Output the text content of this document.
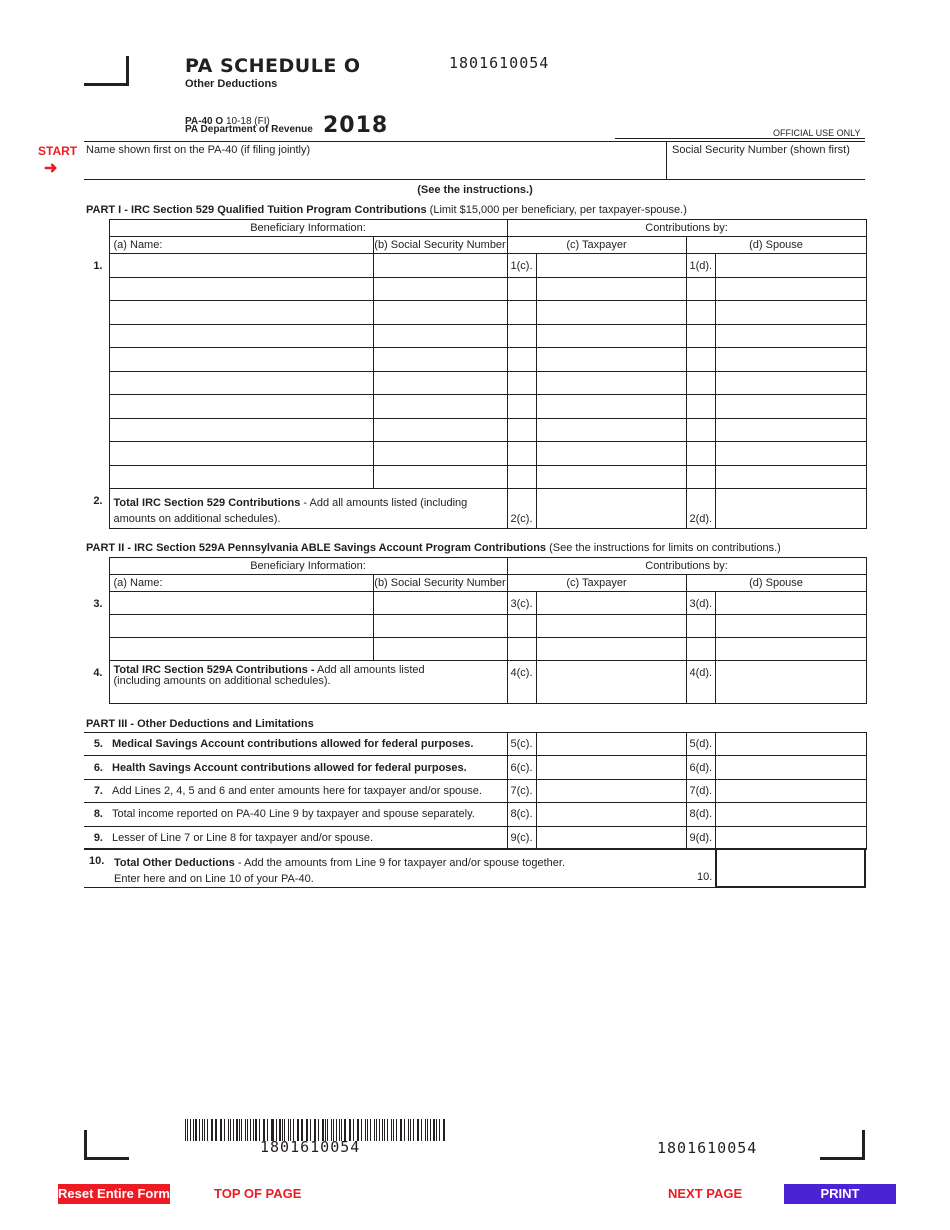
PA SCHEDULE O
Other Deductions
1801610054
PA-40 O 10-18 (FI)
PA Department of Revenue 2018	OFFICIAL USE ONLY
START
➜
Name shown first on the PA-40 (if filing jointly)	Social Security Number (shown first)
(See the instructions.)
PART I - IRC Section 529 Qualified Tuition Program Contributions (Limit $15,000 per beneficiary, per taxpayer-spouse.)
	Beneficiary Information:		Contributions by:			
	(a) Name:	(b) Social Security Number	(c) Taxpayer		(d) Spouse	
1.			1(c).		1(d).	

2.	Total IRC Section 529 Contributions - Add all amounts listed (including
amounts on additional schedules).		2(c).		2(d).	
PART II - IRC Section 529A Pennsylvania ABLE Savings Account Program Contributions (See the instructions for limits on contributions.)
	Beneficiary Information:		Contributions by:			
	(a) Name:	(b) Social Security Number	(c) Taxpayer		(d) Spouse	
3.			3(c).		3(d).	

4.	Total IRC Section 529A Contributions - Add all amounts listed
(including amounts on additional schedules).		4(c).		4(d).	
PART III - Other Deductions and Limitations
5.	Medical Savings Account contributions allowed for federal purposes.	5(c).		5(d).	
6.	Health Savings Account contributions allowed for federal purposes.	6(c).		6(d).	
7.	Add Lines 2, 4, 5 and 6 and enter amounts here for taxpayer and/or spouse.	7(c).		7(d).	
8.	Total income reported on PA-40 Line 9 by taxpayer and spouse separately.	8(c).		8(d).	
9.	Lesser of Line 7 or Line 8 for taxpayer and/or spouse.	9(c).		9(d).	
10. Total Other Deductions - Add the amounts from Line 9 for taxpayer and/or spouse together.
Enter here and on Line 10 of your PA-40.	10.
1801610054	1801610054
Reset Entire Form	TOP OF PAGE	NEXT PAGE	PRINT
